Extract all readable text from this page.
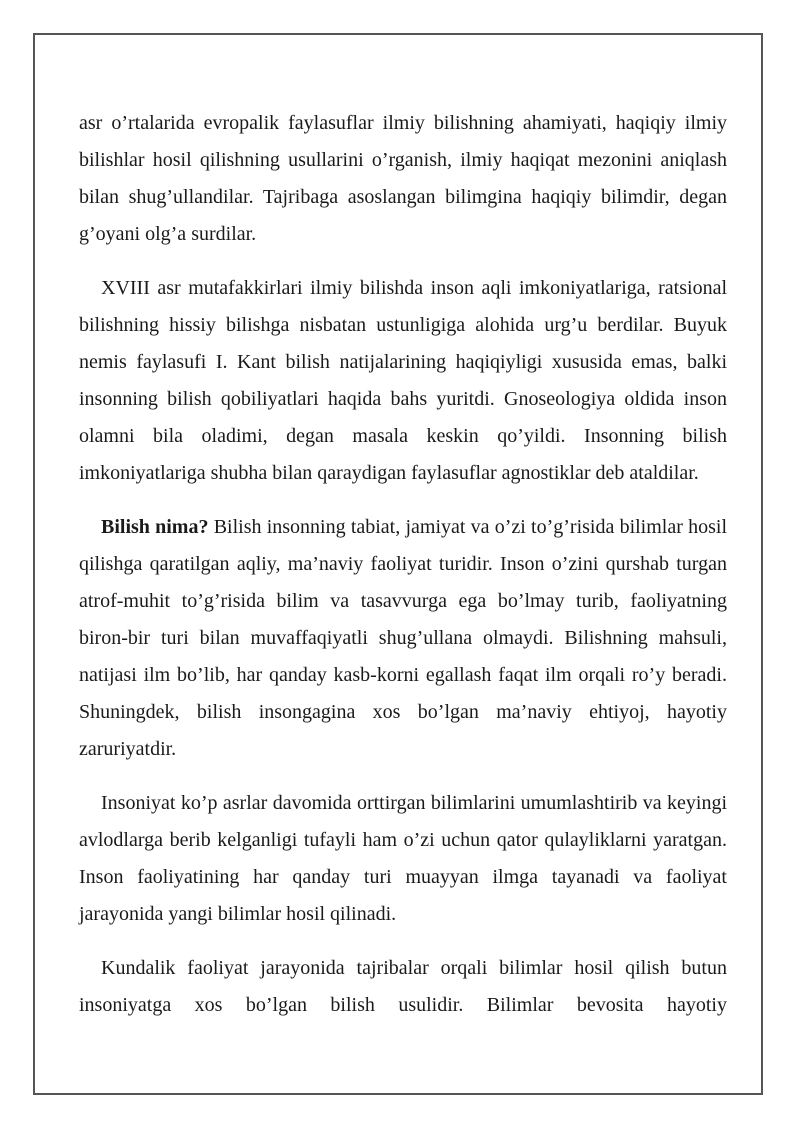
asr o’rtalarida evropalik faylasuflar ilmiy bilishning ahamiyati, haqiqiy ilmiy bilishlar hosil qilishning usullarini o’rganish, ilmiy haqiqat mezonini aniqlash bilan shug’ullandilar. Tajribaga asoslangan bilimgina haqiqiy bilimdir, degan g’oyani olg’a surdilar.

XVIII asr mutafakkirlari ilmiy bilishda inson aqli imkoniyatlariga, ratsional bilishning hissiy bilishga nisbatan ustunligiga alohida urg’u berdilar. Buyuk nemis faylasufi I. Kant bilish natijalarining haqiqiyligi xususida emas, balki insonning bilish qobiliyatlari haqida bahs yuritdi. Gnoseologiya oldida inson olamni bila oladimi, degan masala keskin qo’yildi. Insonning bilish imkoniyatlariga shubha bilan qaraydigan faylasuflar agnostiklar deb ataldilar.

Bilish nima? Bilish insonning tabiat, jamiyat va o’zi to’g’risida bilimlar hosil qilishga qaratilgan aqliy, ma’naviy faoliyat turidir. Inson o’zini qurshab turgan atrof-muhit to’g’risida bilim va tasavvurga ega bo’lmay turib, faoliyatning biron-bir turi bilan muvaffaqiyatli shug’ullana olmaydi. Bilishning mahsuli, natijasi ilm bo’lib, har qanday kasb-korni egallash faqat ilm orqali ro’y beradi. Shuningdek, bilish insongagina xos bo’lgan ma’naviy ehtiyoj, hayotiy zaruriyatdir.

Insoniyat ko’p asrlar davomida orttirgan bilimlarini umumlashtirib va keyingi avlodlarga berib kelganligi tufayli ham o’zi uchun qator qulayliklarni yaratgan. Inson faoliyatining har qanday turi muayyan ilmga tayanadi va faoliyat jarayonida yangi bilimlar hosil qilinadi.

Kundalik faoliyat jarayonida tajribalar orqali bilimlar hosil qilish butun insoniyatga xos bo’lgan bilish usulidir. Bilimlar bevosita hayotiy
